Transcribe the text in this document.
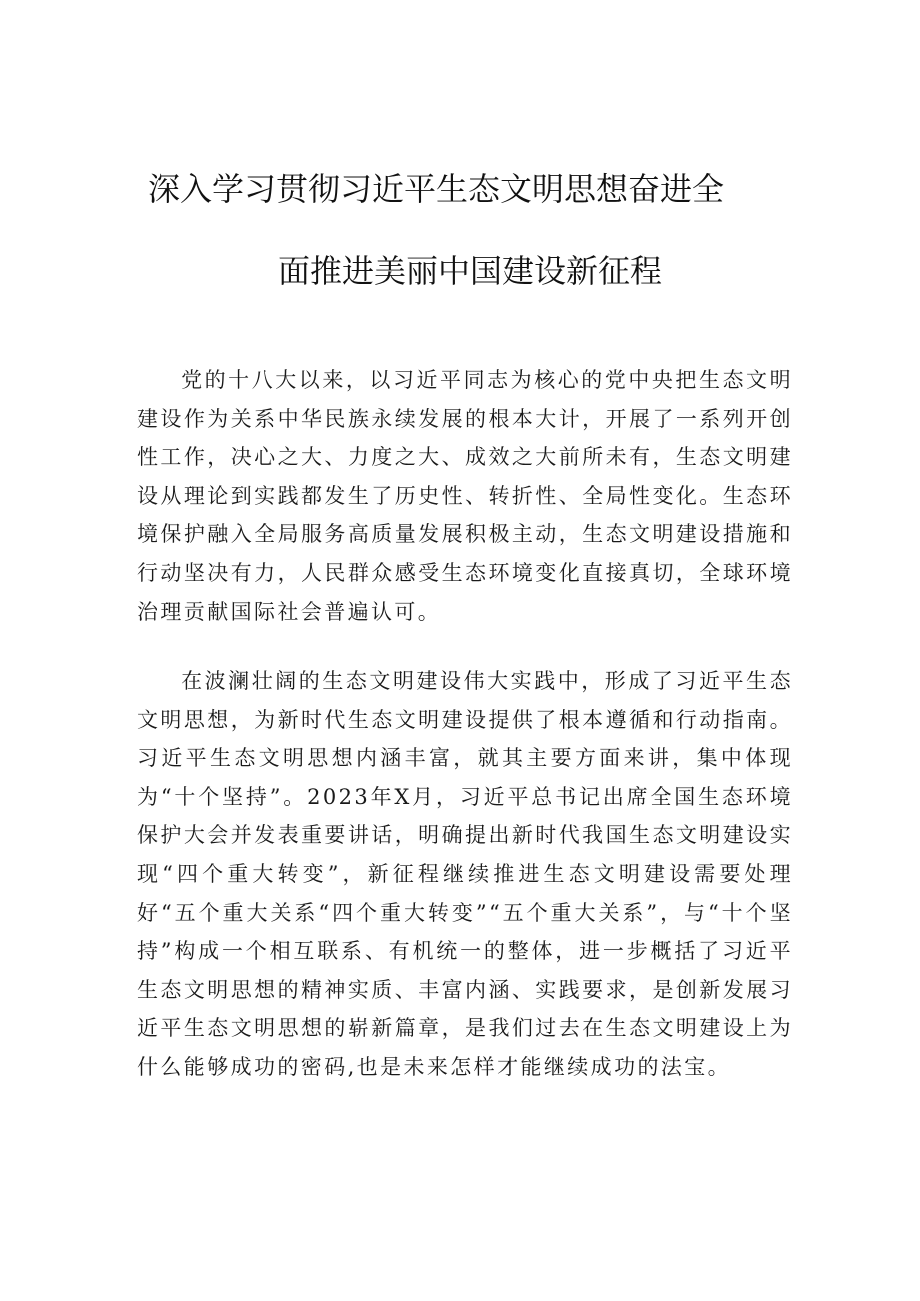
深入学习贯彻习近平生态文明思想奋进全
面推进美丽中国建设新征程

党的十八大以来，以习近平同志为核心的党中央把生态文明建设作为关系中华民族永续发展的根本大计，开展了一系列开创性工作，决心之大、力度之大、成效之大前所未有，生态文明建设从理论到实践都发生了历史性、转折性、全局性变化。生态环境保护融入全局服务高质量发展积极主动，生态文明建设措施和行动坚决有力，人民群众感受生态环境变化直接真切，全球环境治理贡献国际社会普遍认可。

在波澜壮阔的生态文明建设伟大实践中，形成了习近平生态文明思想，为新时代生态文明建设提供了根本遵循和行动指南。习近平生态文明思想内涵丰富，就其主要方面来讲，集中体现为“十个坚持”。2023年X月，习近平总书记出席全国生态环境保护大会并发表重要讲话，明确提出新时代我国生态文明建设实现“四个重大转变”，新征程继续推进生态文明建设需要处理好“五个重大关系“四个重大转变”“五个重大关系”，与“十个坚持”构成一个相互联系、有机统一的整体，进一步概括了习近平生态文明思想的精神实质、丰富内涵、实践要求，是创新发展习近平生态文明思想的崭新篇章，是我们过去在生态文明建设上为什么能够成功的密码,也是未来怎样才能继续成功的法宝。
